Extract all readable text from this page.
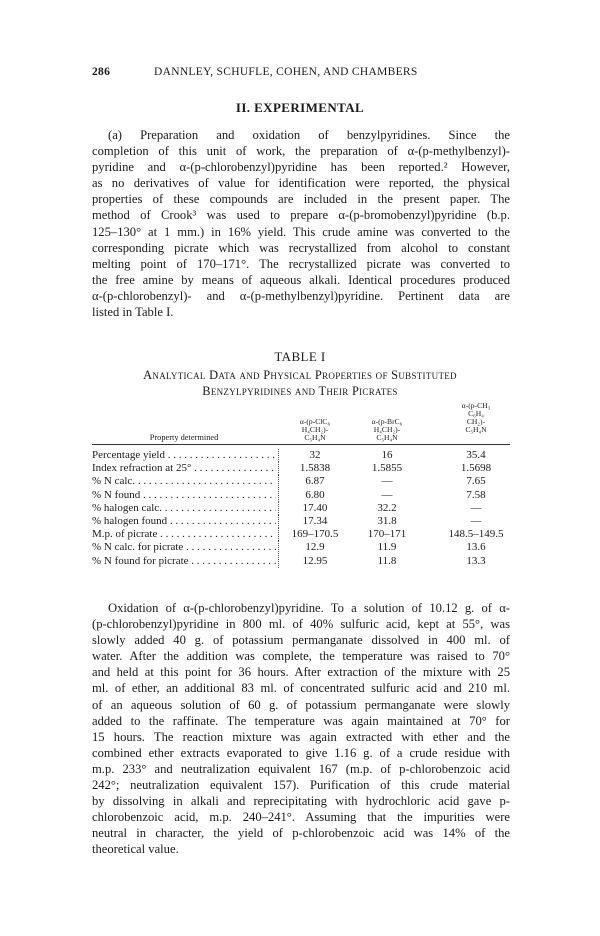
286	DANNLEY, SCHUFLE, COHEN, AND CHAMBERS
II. EXPERIMENTAL
(a) Preparation and oxidation of benzylpyridines. Since the
completion of this unit of work, the preparation of α-(p-methylbenzyl)-
pyridine and α-(p-chlorobenzyl)pyridine has been reported.² However,
as no derivatives of value for identification were reported, the physical
properties of these compounds are included in the present paper. The
method of Crook³ was used to prepare α-(p-bromobenzyl)pyridine (b.p.
125–130° at 1 mm.) in 16% yield. This crude amine was converted to the
corresponding picrate which was recrystallized from alcohol to constant
melting point of 170–171°. The recrystallized picrate was converted to
the free amine by means of aqueous alkali. Identical procedures produced
α-(p-chlorobenzyl)- and α-(p-methylbenzyl)pyridine. Pertinent data are
listed in Table I.
TABLE I
Analytical Data and Physical Properties of Substituted
Benzylpyridines and Their Picrates
α-(p-ClC₆
H₄CH₂)-
C₅H₄N
α-(p-BrC₆
H₄CH₂)-
C₅H₄N
α-(p-CH₃
C₆H₄
CH₂)-
C₅H₄N
Property determined
Percentage yield . . .	32	16	35.4
Index refraction at 25° . . .	1.5838	1.5855	1.5698
% N calc. . . .	6.87	—	7.65
% N found . . .	6.80	—	7.58
% halogen calc. . . .	17.40	32.2	—
% halogen found . . .	17.34	31.8	—
M.p. of picrate . . .	169–170.5	170–171	148.5–149.5
% N calc. for picrate . . .	12.9	11.9	13.6
% N found for picrate . . .	12.95	11.8	13.3
Oxidation of α-(p-chlorobenzyl)pyridine. To a solution of 10.12 g. of α-
(p-chlorobenzyl)pyridine in 800 ml. of 40% sulfuric acid, kept at 55°, was
slowly added 40 g. of potassium permanganate dissolved in 400 ml. of
water. After the addition was complete, the temperature was raised to 70°
and held at this point for 36 hours. After extraction of the mixture with 25
ml. of ether, an additional 83 ml. of concentrated sulfuric acid and 210 ml.
of an aqueous solution of 60 g. of potassium permanganate were slowly
added to the raffinate. The temperature was again maintained at 70° for
15 hours. The reaction mixture was again extracted with ether and the
combined ether extracts evaporated to give 1.16 g. of a crude residue with
m.p. 233° and neutralization equivalent 167 (m.p. of p-chlorobenzoic acid
242°; neutralization equivalent 157). Purification of this crude material
by dissolving in alkali and reprecipitating with hydrochloric acid gave p-
chlorobenzoic acid, m.p. 240–241°. Assuming that the impurities were
neutral in character, the yield of p-chlorobenzoic acid was 14% of the
theoretical value.
